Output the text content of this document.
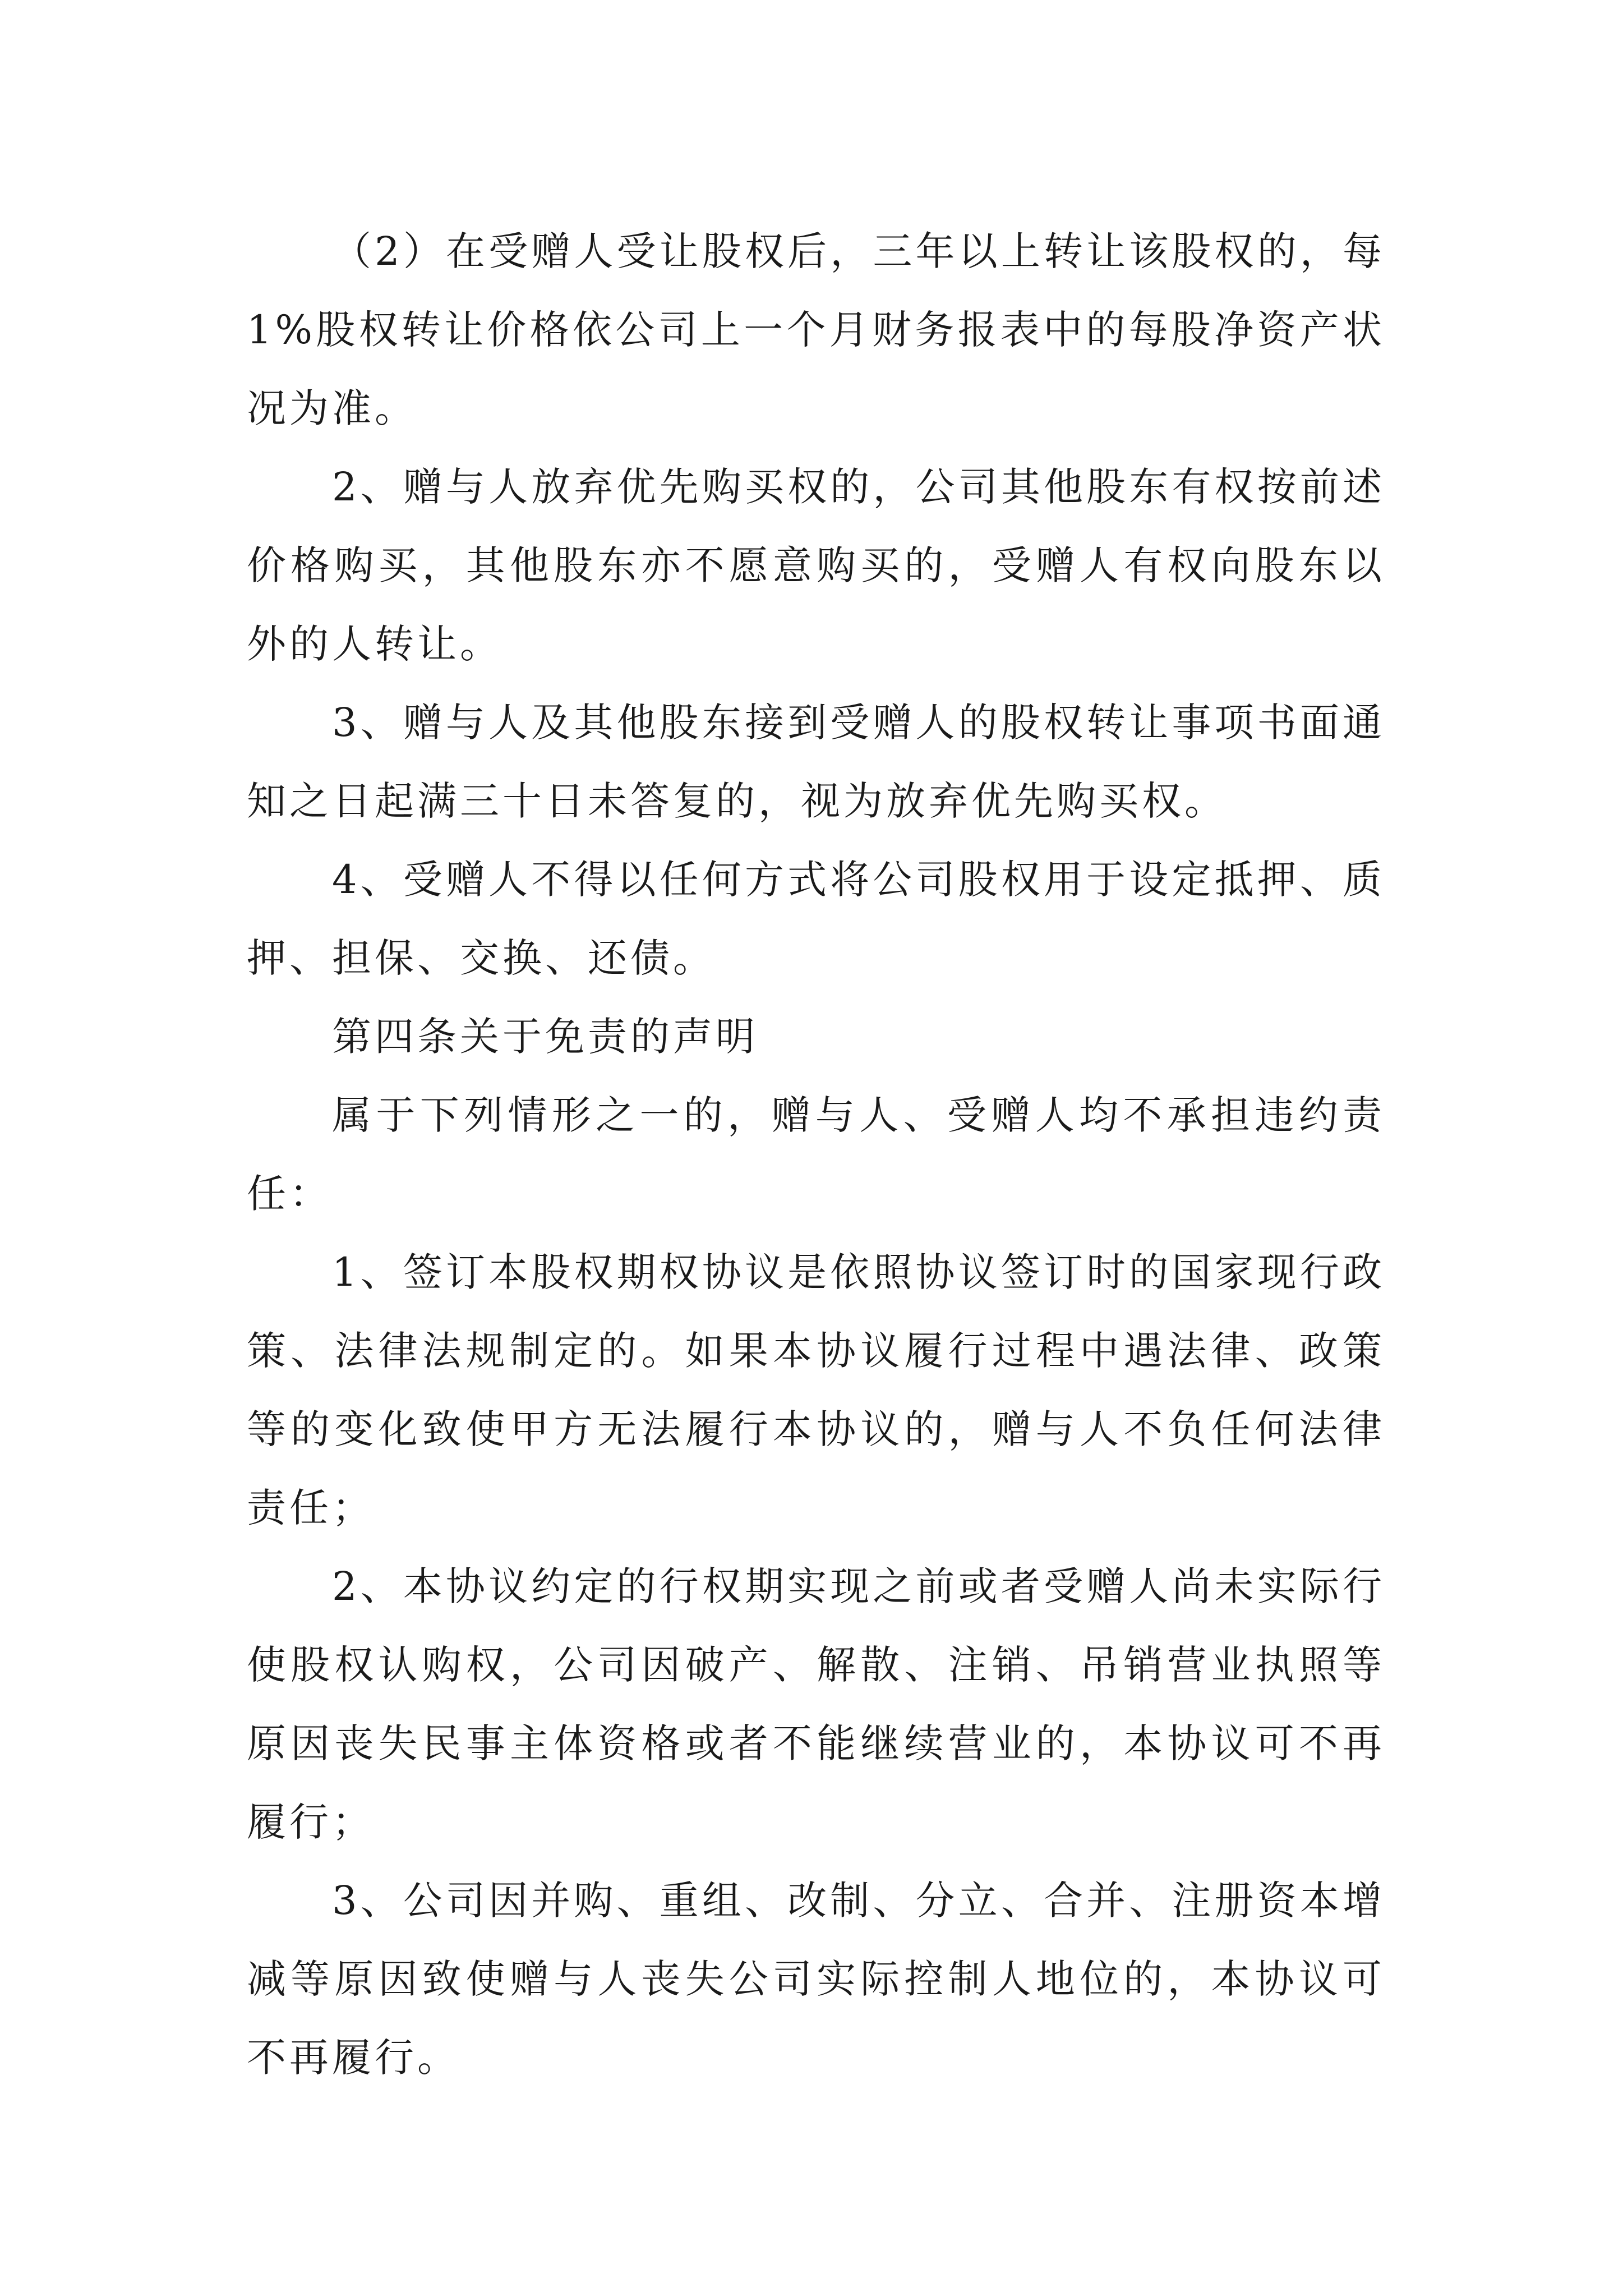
（2）在受赠人受让股权后，三年以上转让该股权的，每 1%股权转让价格依公司上一个月财务报表中的每股净资产状况为准。

2、赠与人放弃优先购买权的，公司其他股东有权按前述价格购买，其他股东亦不愿意购买的，受赠人有权向股东以外的人转让。

3、赠与人及其他股东接到受赠人的股权转让事项书面通知之日起满三十日未答复的，视为放弃优先购买权。

4、受赠人不得以任何方式将公司股权用于设定抵押、质押、担保、交换、还债。

第四条关于免责的声明

属于下列情形之一的，赠与人、受赠人均不承担违约责任：

1、签订本股权期权协议是依照协议签订时的国家现行政策、法律法规制定的。如果本协议履行过程中遇法律、政策等的变化致使甲方无法履行本协议的，赠与人不负任何法律责任；

2、本协议约定的行权期实现之前或者受赠人尚未实际行使股权认购权，公司因破产、解散、注销、吊销营业执照等原因丧失民事主体资格或者不能继续营业的，本协议可不再履行；

3、公司因并购、重组、改制、分立、合并、注册资本增减等原因致使赠与人丧失公司实际控制人地位的，本协议可不再履行。
